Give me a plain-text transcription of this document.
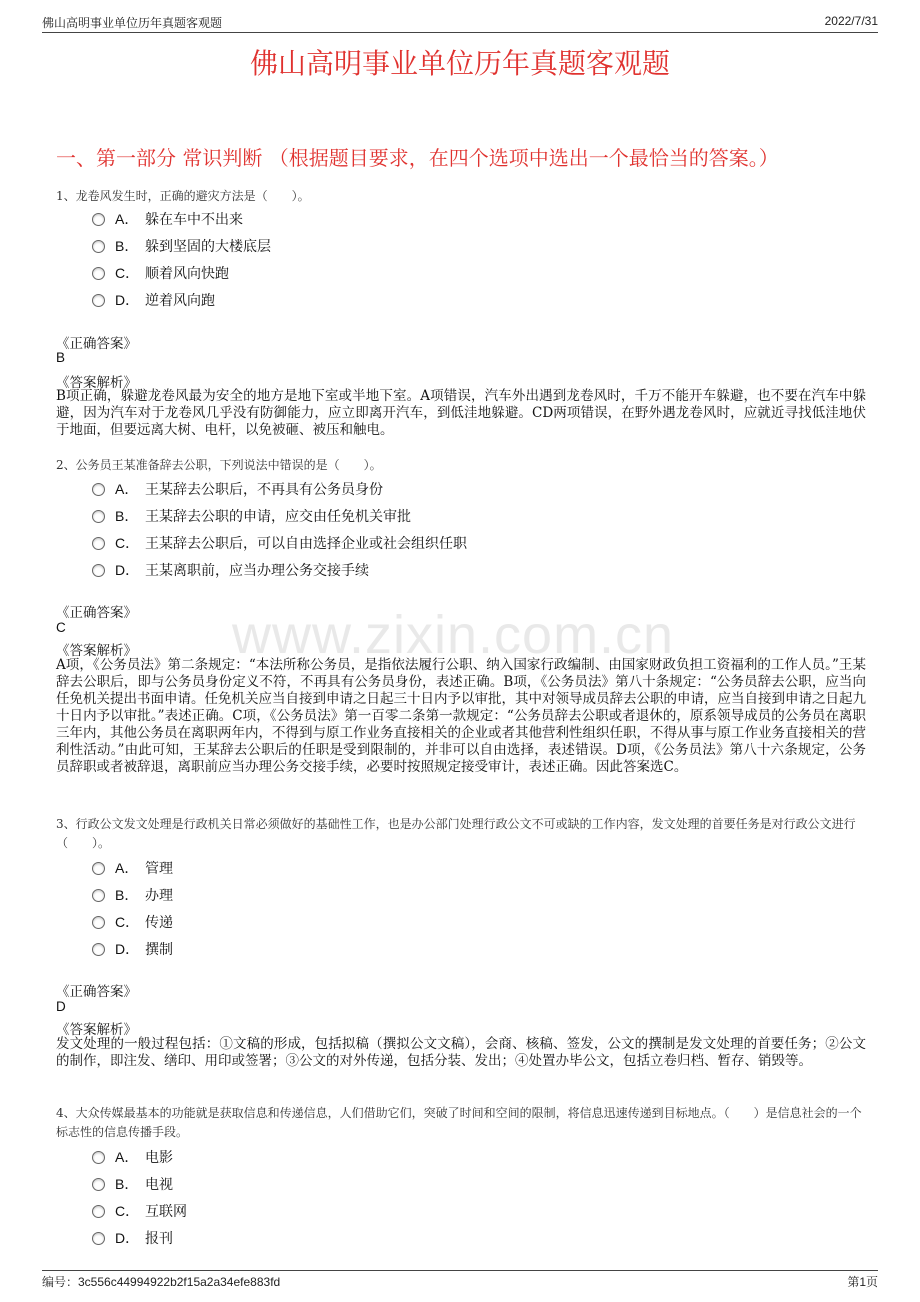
佛山高明事业单位历年真题客观题	2022/7/31
佛山高明事业单位历年真题客观题
一、第一部分 常识判断 （根据题目要求，在四个选项中选出一个最恰当的答案。）
www.zixin.com.cn
1、龙卷风发生时，正确的避灾方法是（　　）。
A． 躲在车中不出来
B． 躲到坚固的大楼底层
C． 顺着风向快跑
D． 逆着风向跑
《正确答案》
B
《答案解析》
B项正确，躲避龙卷风最为安全的地方是地下室或半地下室。A项错误，汽车外出遇到龙卷风时，千万不能开车躲避，也不要在汽车中躲避，因为汽车对于龙卷风几乎没有防御能力，应立即离开汽车，到低洼地躲避。CD两项错误，在野外遇龙卷风时，应就近寻找低洼地伏于地面，但要远离大树、电杆，以免被砸、被压和触电。
2、公务员王某准备辞去公职，下列说法中错误的是（　　）。
A． 王某辞去公职后，不再具有公务员身份
B． 王某辞去公职的申请，应交由任免机关审批
C． 王某辞去公职后，可以自由选择企业或社会组织任职
D． 王某离职前，应当办理公务交接手续
《正确答案》
C
《答案解析》
A项，《公务员法》第二条规定：“本法所称公务员，是指依法履行公职、纳入国家行政编制、由国家财政负担工资福利的工作人员。”王某辞去公职后，即与公务员身份定义不符，不再具有公务员身份，表述正确。B项，《公务员法》第八十条规定：“公务员辞去公职，应当向任免机关提出书面申请。任免机关应当自接到申请之日起三十日内予以审批，其中对领导成员辞去公职的申请，应当自接到申请之日起九十日内予以审批。”表述正确。C项，《公务员法》第一百零二条第一款规定：“公务员辞去公职或者退休的，原系领导成员的公务员在离职三年内，其他公务员在离职两年内，不得到与原工作业务直接相关的企业或者其他营利性组织任职，不得从事与原工作业务直接相关的营利性活动。”由此可知，王某辞去公职后的任职是受到限制的，并非可以自由选择，表述错误。D项，《公务员法》第八十六条规定，公务员辞职或者被辞退，离职前应当办理公务交接手续，必要时按照规定接受审计，表述正确。因此答案选C。
3、行政公文发文处理是行政机关日常必须做好的基础性工作，也是办公部门处理行政公文不可或缺的工作内容，发文处理的首要任务是对行政公文进行（　　）。
A． 管理
B． 办理
C． 传递
D． 撰制
《正确答案》
D
《答案解析》
发文处理的一般过程包括：①文稿的形成，包括拟稿（撰拟公文文稿），会商、核稿、签发，公文的撰制是发文处理的首要任务；②公文的制作，即注发、缮印、用印或签署；③公文的对外传递，包括分装、发出；④处置办毕公文，包括立卷归档、暂存、销毁等。
4、大众传媒最基本的功能就是获取信息和传递信息，人们借助它们，突破了时间和空间的限制，将信息迅速传递到目标地点。（　　）是信息社会的一个标志性的信息传播手段。
A． 电影
B． 电视
C． 互联网
D． 报刊
编号：3c556c44994922b2f15a2a34efe883fd	第1页
